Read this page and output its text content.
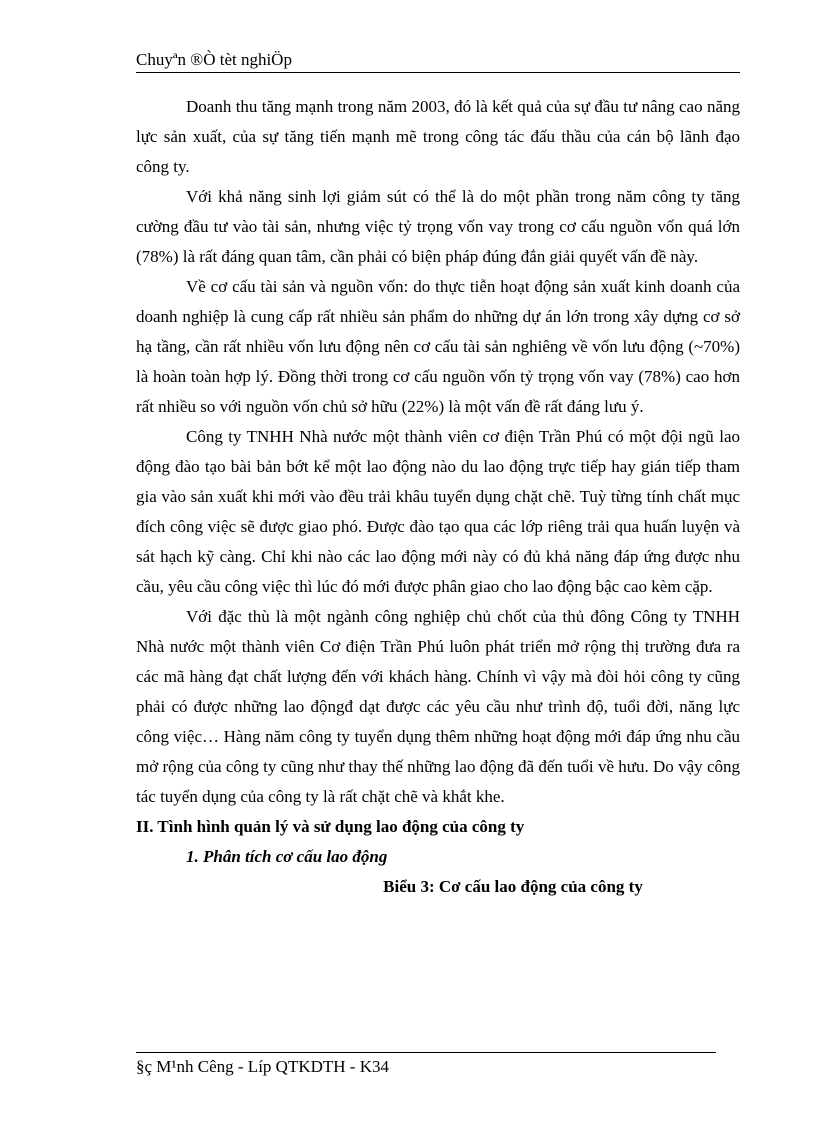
Chuyªn ®Ò tèt nghiÖp

Doanh thu tăng mạnh trong năm 2003, đó là kết quả của sự đầu tư nâng cao năng lực sản xuất, của sự tăng tiến mạnh mẽ trong công tác đấu thầu của cán bộ lãnh đạo công ty.

Với khả năng sinh lợi giảm sút có thể là do một phần trong năm công ty tăng cường đầu tư vào tài sản, nhưng việc tỷ trọng vốn vay trong cơ cấu nguồn vốn quá lớn (78%) là rất đáng quan tâm, cần phải có biện pháp đúng đắn giải quyết vấn đề này.

Về cơ cấu tài sản và nguồn vốn: do thực tiễn hoạt động sản xuất kinh doanh của doanh nghiệp là cung cấp rất nhiều sản phẩm do những dự án lớn trong xây dựng cơ sở hạ tầng, cần rất nhiều vốn lưu động nên cơ cấu tài sản nghiêng về vốn lưu động (~70%) là hoàn toàn hợp lý. Đồng thời trong cơ cấu nguồn vốn tỷ trọng vốn vay (78%) cao hơn rất nhiều so với nguồn vốn chủ sở hữu (22%) là một vấn đề rất đáng lưu ý.

Công ty TNHH Nhà nước một thành viên cơ điện Trần Phú có một đội ngũ lao động đào tạo bài bản bớt kể một lao động nào du lao động trực tiếp hay gián tiếp tham gia vào sản xuất khi mới vào đều trải khâu tuyển dụng chặt chẽ. Tuỳ từng tính chất mục đích công việc sẽ được giao phó. Được đào tạo qua các lớp riêng trải qua huấn luyện và sát hạch kỹ càng. Chỉ khi nào các lao động mới này có đủ khả năng đáp ứng được nhu cầu, yêu cầu công việc thì lúc đó mới được phân giao cho lao động bậc cao kèm cặp.

Với đặc thù là một ngành công nghiệp chủ chốt của thủ đông Công ty TNHH Nhà nước một thành viên Cơ điện Trần Phú luôn phát triển mở rộng thị trường đưa ra các mã hàng đạt chất lượng đến với khách hàng. Chính vì vậy mà đòi hỏi công ty cũng phải có được những lao độngđ dạt được các yêu cầu như trình độ, tuổi đời, năng lực công việc… Hàng năm công ty tuyển dụng thêm những hoạt động mới đáp ứng nhu cầu mở rộng của công ty cũng như thay thế những lao động đã đến tuổi về hưu. Do vậy công tác tuyển dụng của công ty là rất chặt chẽ và khắt khe.

II. Tình hình quản lý và sử dụng lao động của công ty
1. Phân tích cơ cấu lao động
Biểu 3: Cơ cấu lao động của công ty
§ç M¹nh Cêng - Líp QTKDTH - K34
